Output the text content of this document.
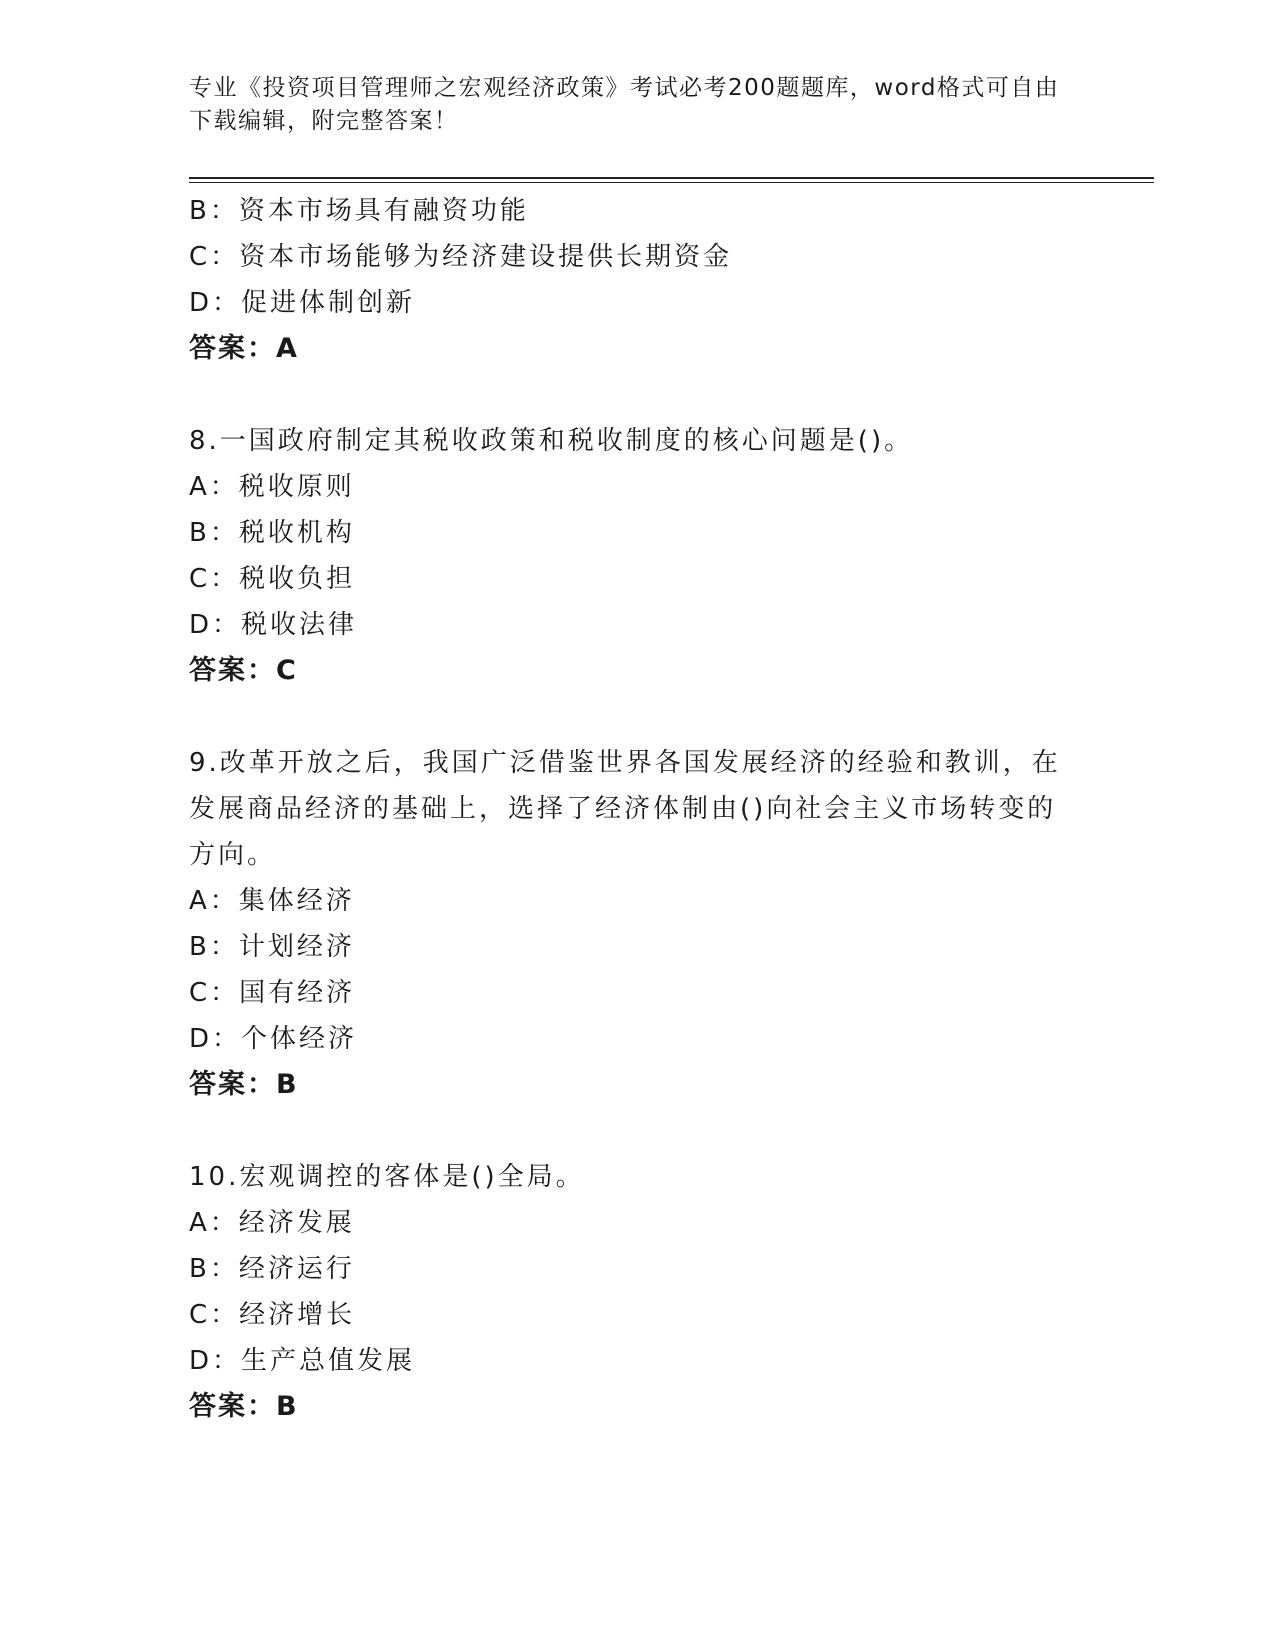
专业《投资项目管理师之宏观经济政策》考试必考200题题库，word格式可自由
下载编辑，附完整答案！
B：资本市场具有融资功能
C：资本市场能够为经济建设提供长期资金
D：促进体制创新
答案：A
8.一国政府制定其税收政策和税收制度的核心问题是()。
A：税收原则
B：税收机构
C：税收负担
D：税收法律
答案：C
9.改革开放之后，我国广泛借鉴世界各国发展经济的经验和教训，在
发展商品经济的基础上，选择了经济体制由()向社会主义市场转变的
方向。
A：集体经济
B：计划经济
C：国有经济
D：个体经济
答案：B
10.宏观调控的客体是()全局。
A：经济发展
B：经济运行
C：经济增长
D：生产总值发展
答案：B
